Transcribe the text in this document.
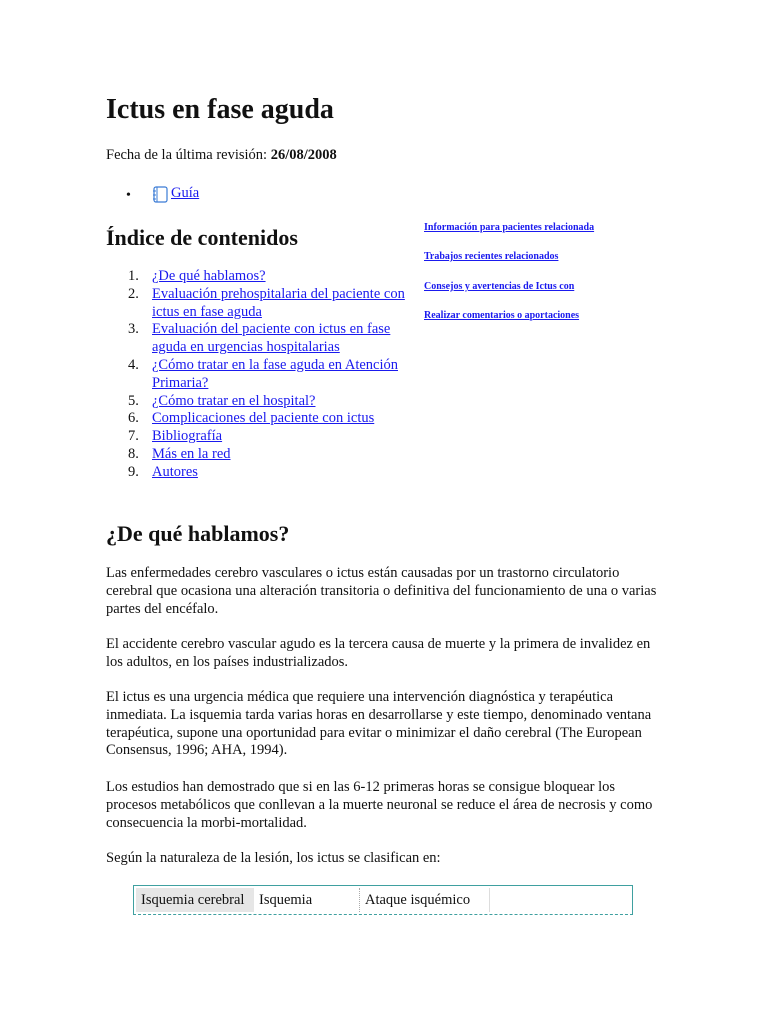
Ictus en fase aguda
Fecha de la última revisión: 26/08/2008
•	Guía
Índice de contenidos
1. ¿De qué hablamos?
2. Evaluación prehospitalaria del paciente con ictus en fase aguda
3. Evaluación del paciente con ictus en fase aguda en urgencias hospitalarias
4. ¿Cómo tratar en la fase aguda en Atención Primaria?
5. ¿Cómo tratar en el hospital?
6. Complicaciones del paciente con ictus
7. Bibliografía
8. Más en la red
9. Autores
Información para pacientes relacionada
Trabajos recientes relacionados
Consejos y avertencias de Ictus con
Realizar comentarios o aportaciones
¿De qué hablamos?

Las enfermedades cerebro vasculares o ictus están causadas por un trastorno circulatorio cerebral que ocasiona una alteración transitoria o definitiva del funcionamiento de una o varias partes del encéfalo.

El accidente cerebro vascular agudo es la tercera causa de muerte y la primera de invalidez en los adultos, en los países industrializados.

El ictus es una urgencia médica que requiere una intervención diagnóstica y terapéutica inmediata. La isquemia tarda varias horas en desarrollarse y este tiempo, denominado ventana terapéutica, supone una oportunidad para evitar o minimizar el daño cerebral (The European Consensus, 1996; AHA, 1994).

Los estudios han demostrado que si en las 6-12 primeras horas se consigue bloquear los procesos metabólicos que conllevan a la muerte neuronal se reduce el área de necrosis y como consecuencia la morbi-mortalidad.

Según la naturaleza de la lesión, los ictus se clasifican en:

Isquemia cerebral	Isquemia	Ataque isquémico
